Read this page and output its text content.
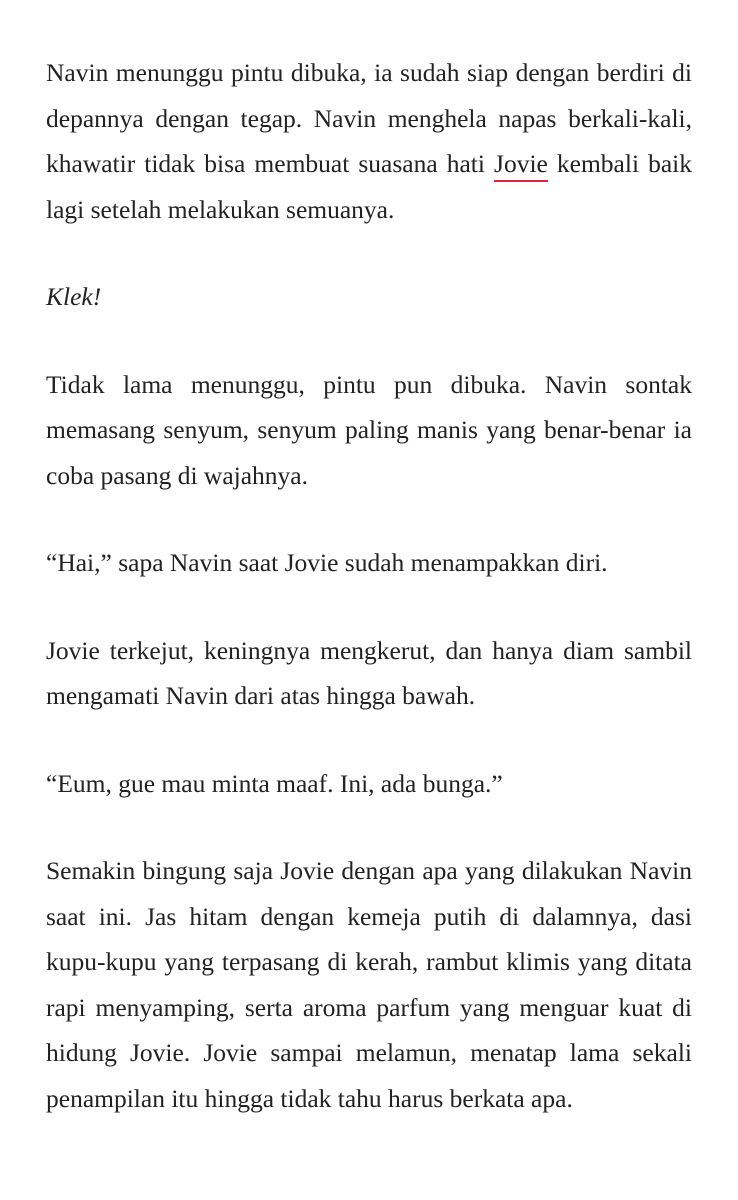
Navin menunggu pintu dibuka, ia sudah siap dengan berdiri di depannya dengan tegap. Navin menghela napas berkali-kali, khawatir tidak bisa membuat suasana hati Jovie kembali baik lagi setelah melakukan semuanya.

Klek!

Tidak lama menunggu, pintu pun dibuka. Navin sontak memasang senyum, senyum paling manis yang benar-benar ia coba pasang di wajahnya.

“Hai,” sapa Navin saat Jovie sudah menampakkan diri.

Jovie terkejut, keningnya mengkerut, dan hanya diam sambil mengamati Navin dari atas hingga bawah.

“Eum, gue mau minta maaf. Ini, ada bunga.”

Semakin bingung saja Jovie dengan apa yang dilakukan Navin saat ini. Jas hitam dengan kemeja putih di dalamnya, dasi kupu-kupu yang terpasang di kerah, rambut klimis yang ditata rapi menyamping, serta aroma parfum yang menguar kuat di hidung Jovie. Jovie sampai melamun, menatap lama sekali penampilan itu hingga tidak tahu harus berkata apa.
